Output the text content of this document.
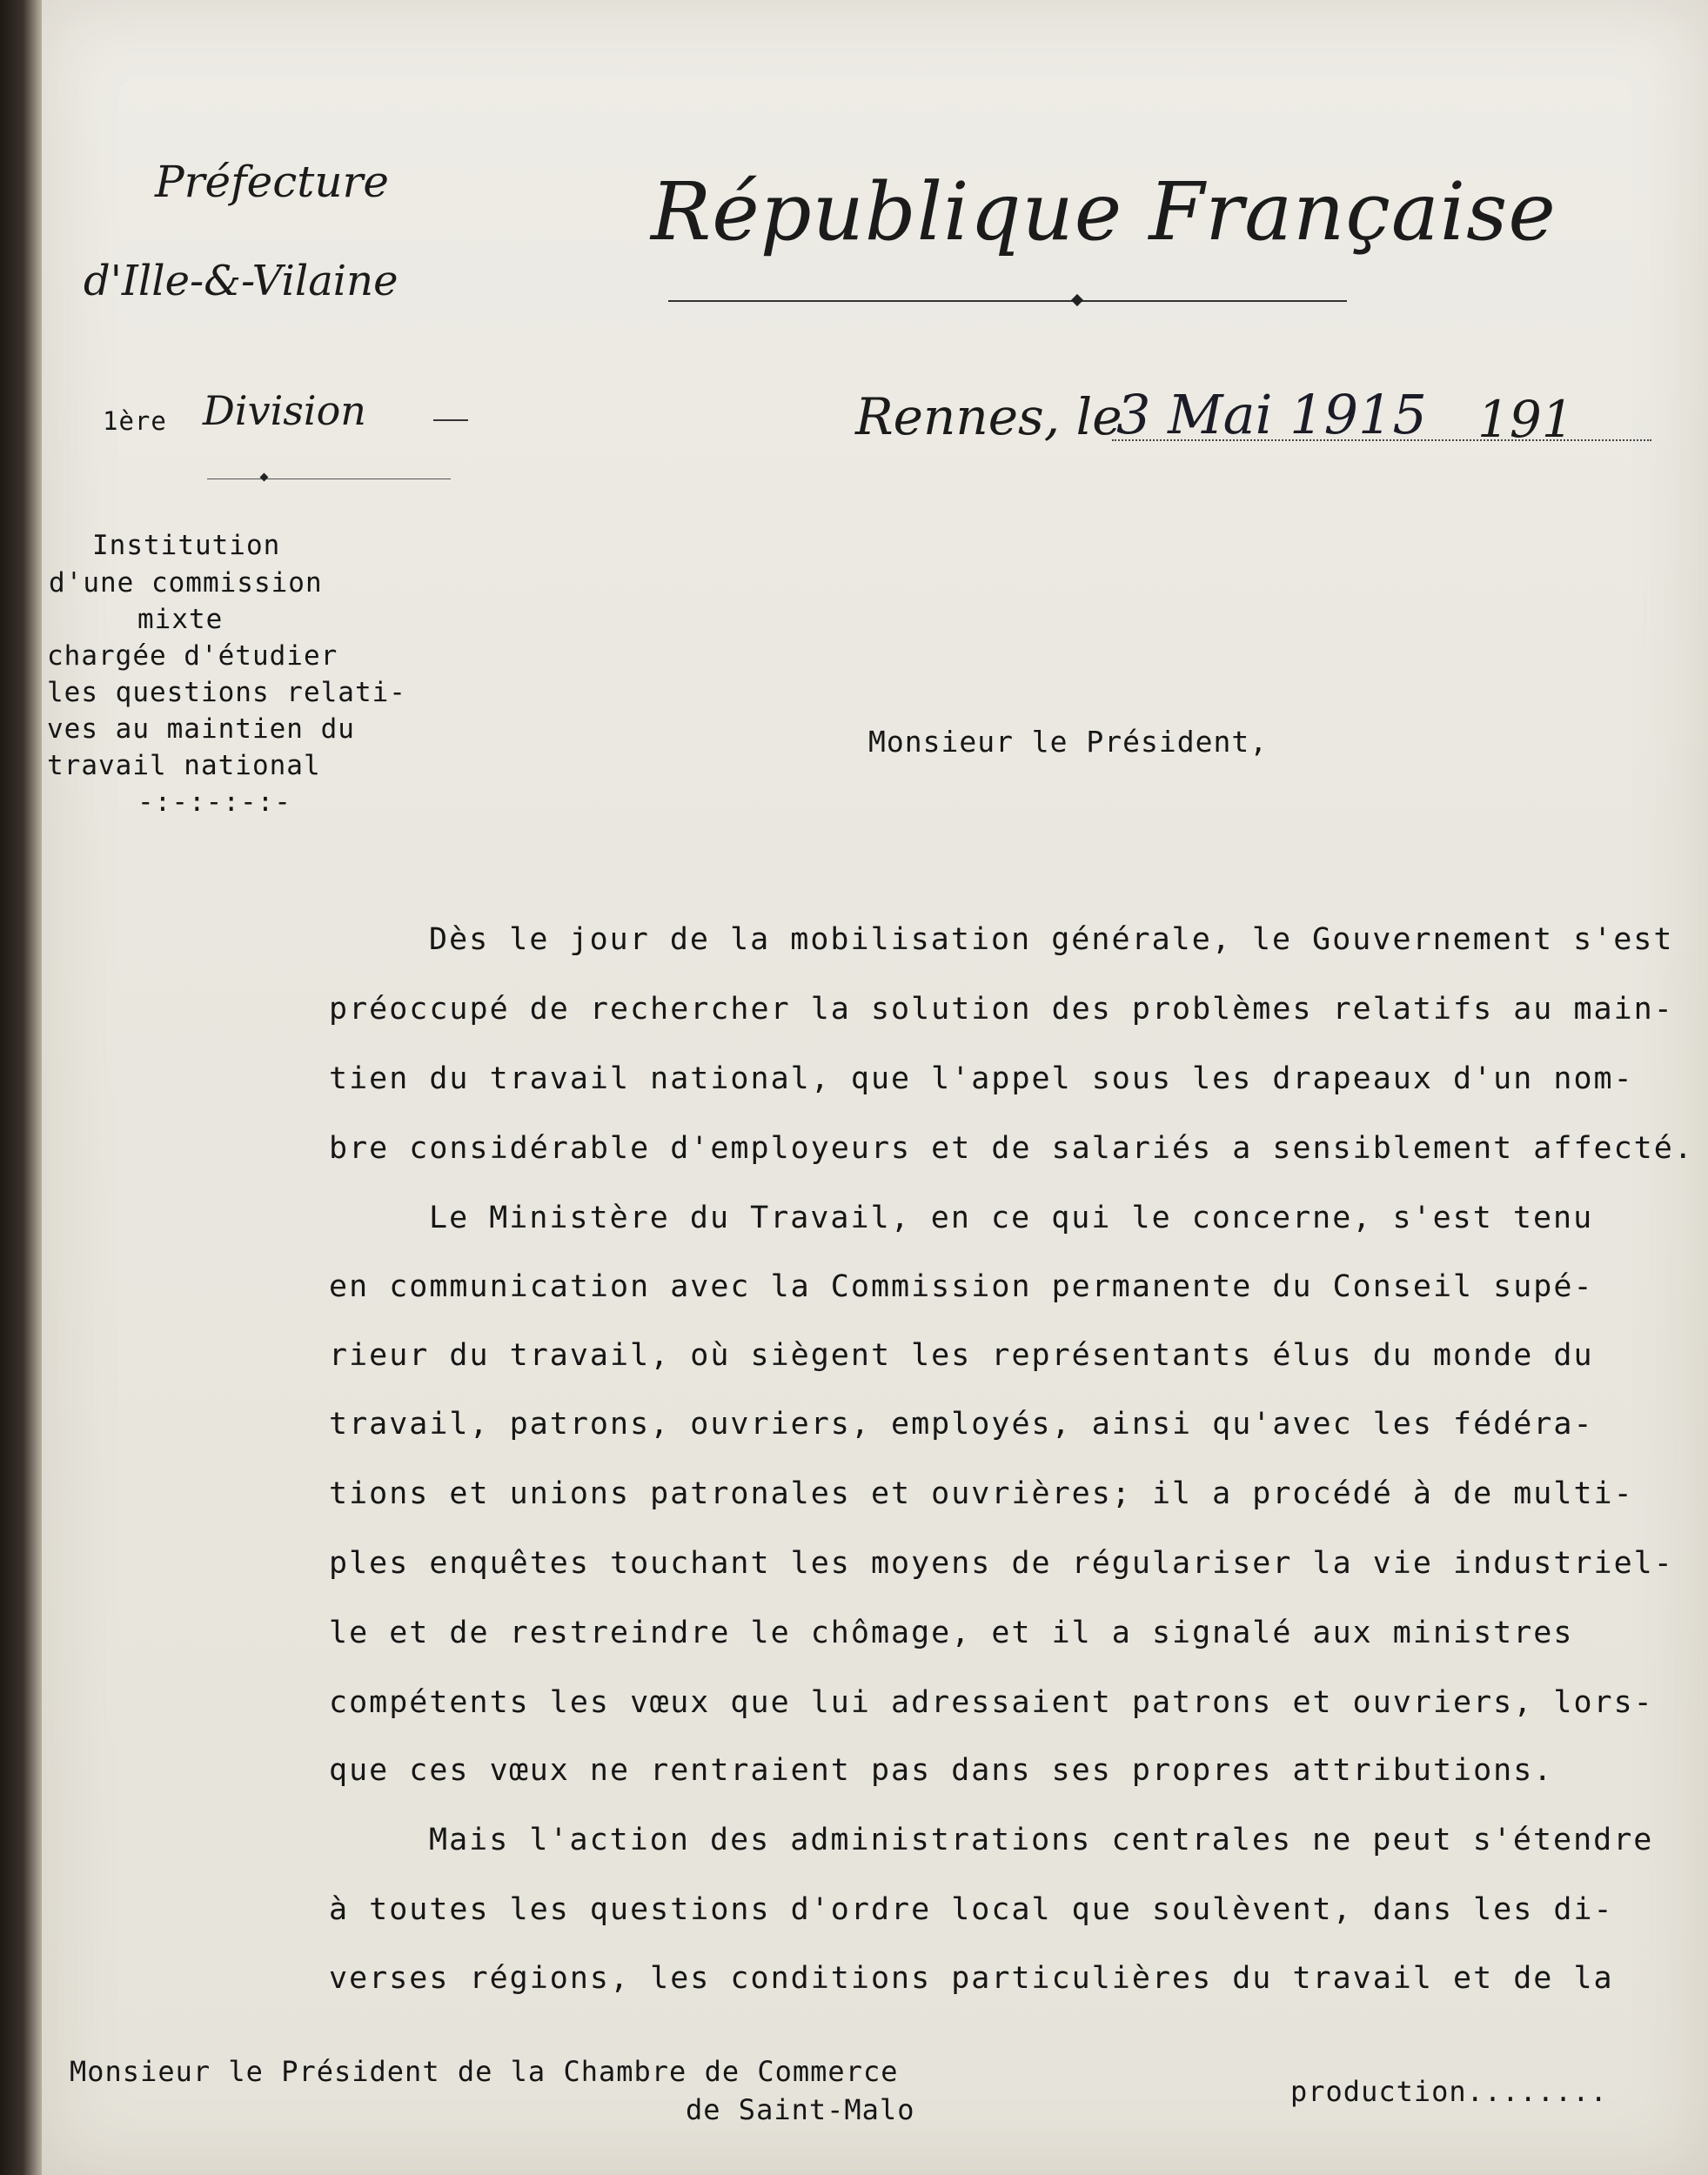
Préfecture
d'Ille-&-Vilaine
République Française
1ère Division	Rennes, le
3 Mai 1915 191
Institution
d'une commission
mixte
chargée d'étudier
les questions relati-
ves au maintien du
travail national
-:-:-:-:-
Monsieur le Président,
Dès le jour de la mobilisation générale, le Gouvernement s'est
préoccupé de rechercher la solution des problèmes relatifs au main-
tien du travail national, que l'appel sous les drapeaux d'un nom-
bre considérable d'employeurs et de salariés a sensiblement affecté.
Le Ministère du Travail, en ce qui le concerne, s'est tenu
en communication avec la Commission permanente du Conseil supé-
rieur du travail, où siègent les représentants élus du monde du
travail, patrons, ouvriers, employés, ainsi qu'avec les fédéra-
tions et unions patronales et ouvrières; il a procédé à de multi-
ples enquêtes touchant les moyens de régulariser la vie industriel-
le et de restreindre le chômage, et il a signalé aux ministres
compétents les vœux que lui adressaient patrons et ouvriers, lors-
que ces vœux ne rentraient pas dans ses propres attributions.
Mais l'action des administrations centrales ne peut s'étendre
à toutes les questions d'ordre local que soulèvent, dans les di-
verses régions, les conditions particulières du travail et de la
Monsieur le Président de la Chambre de Commerce
de Saint-Malo
production........
